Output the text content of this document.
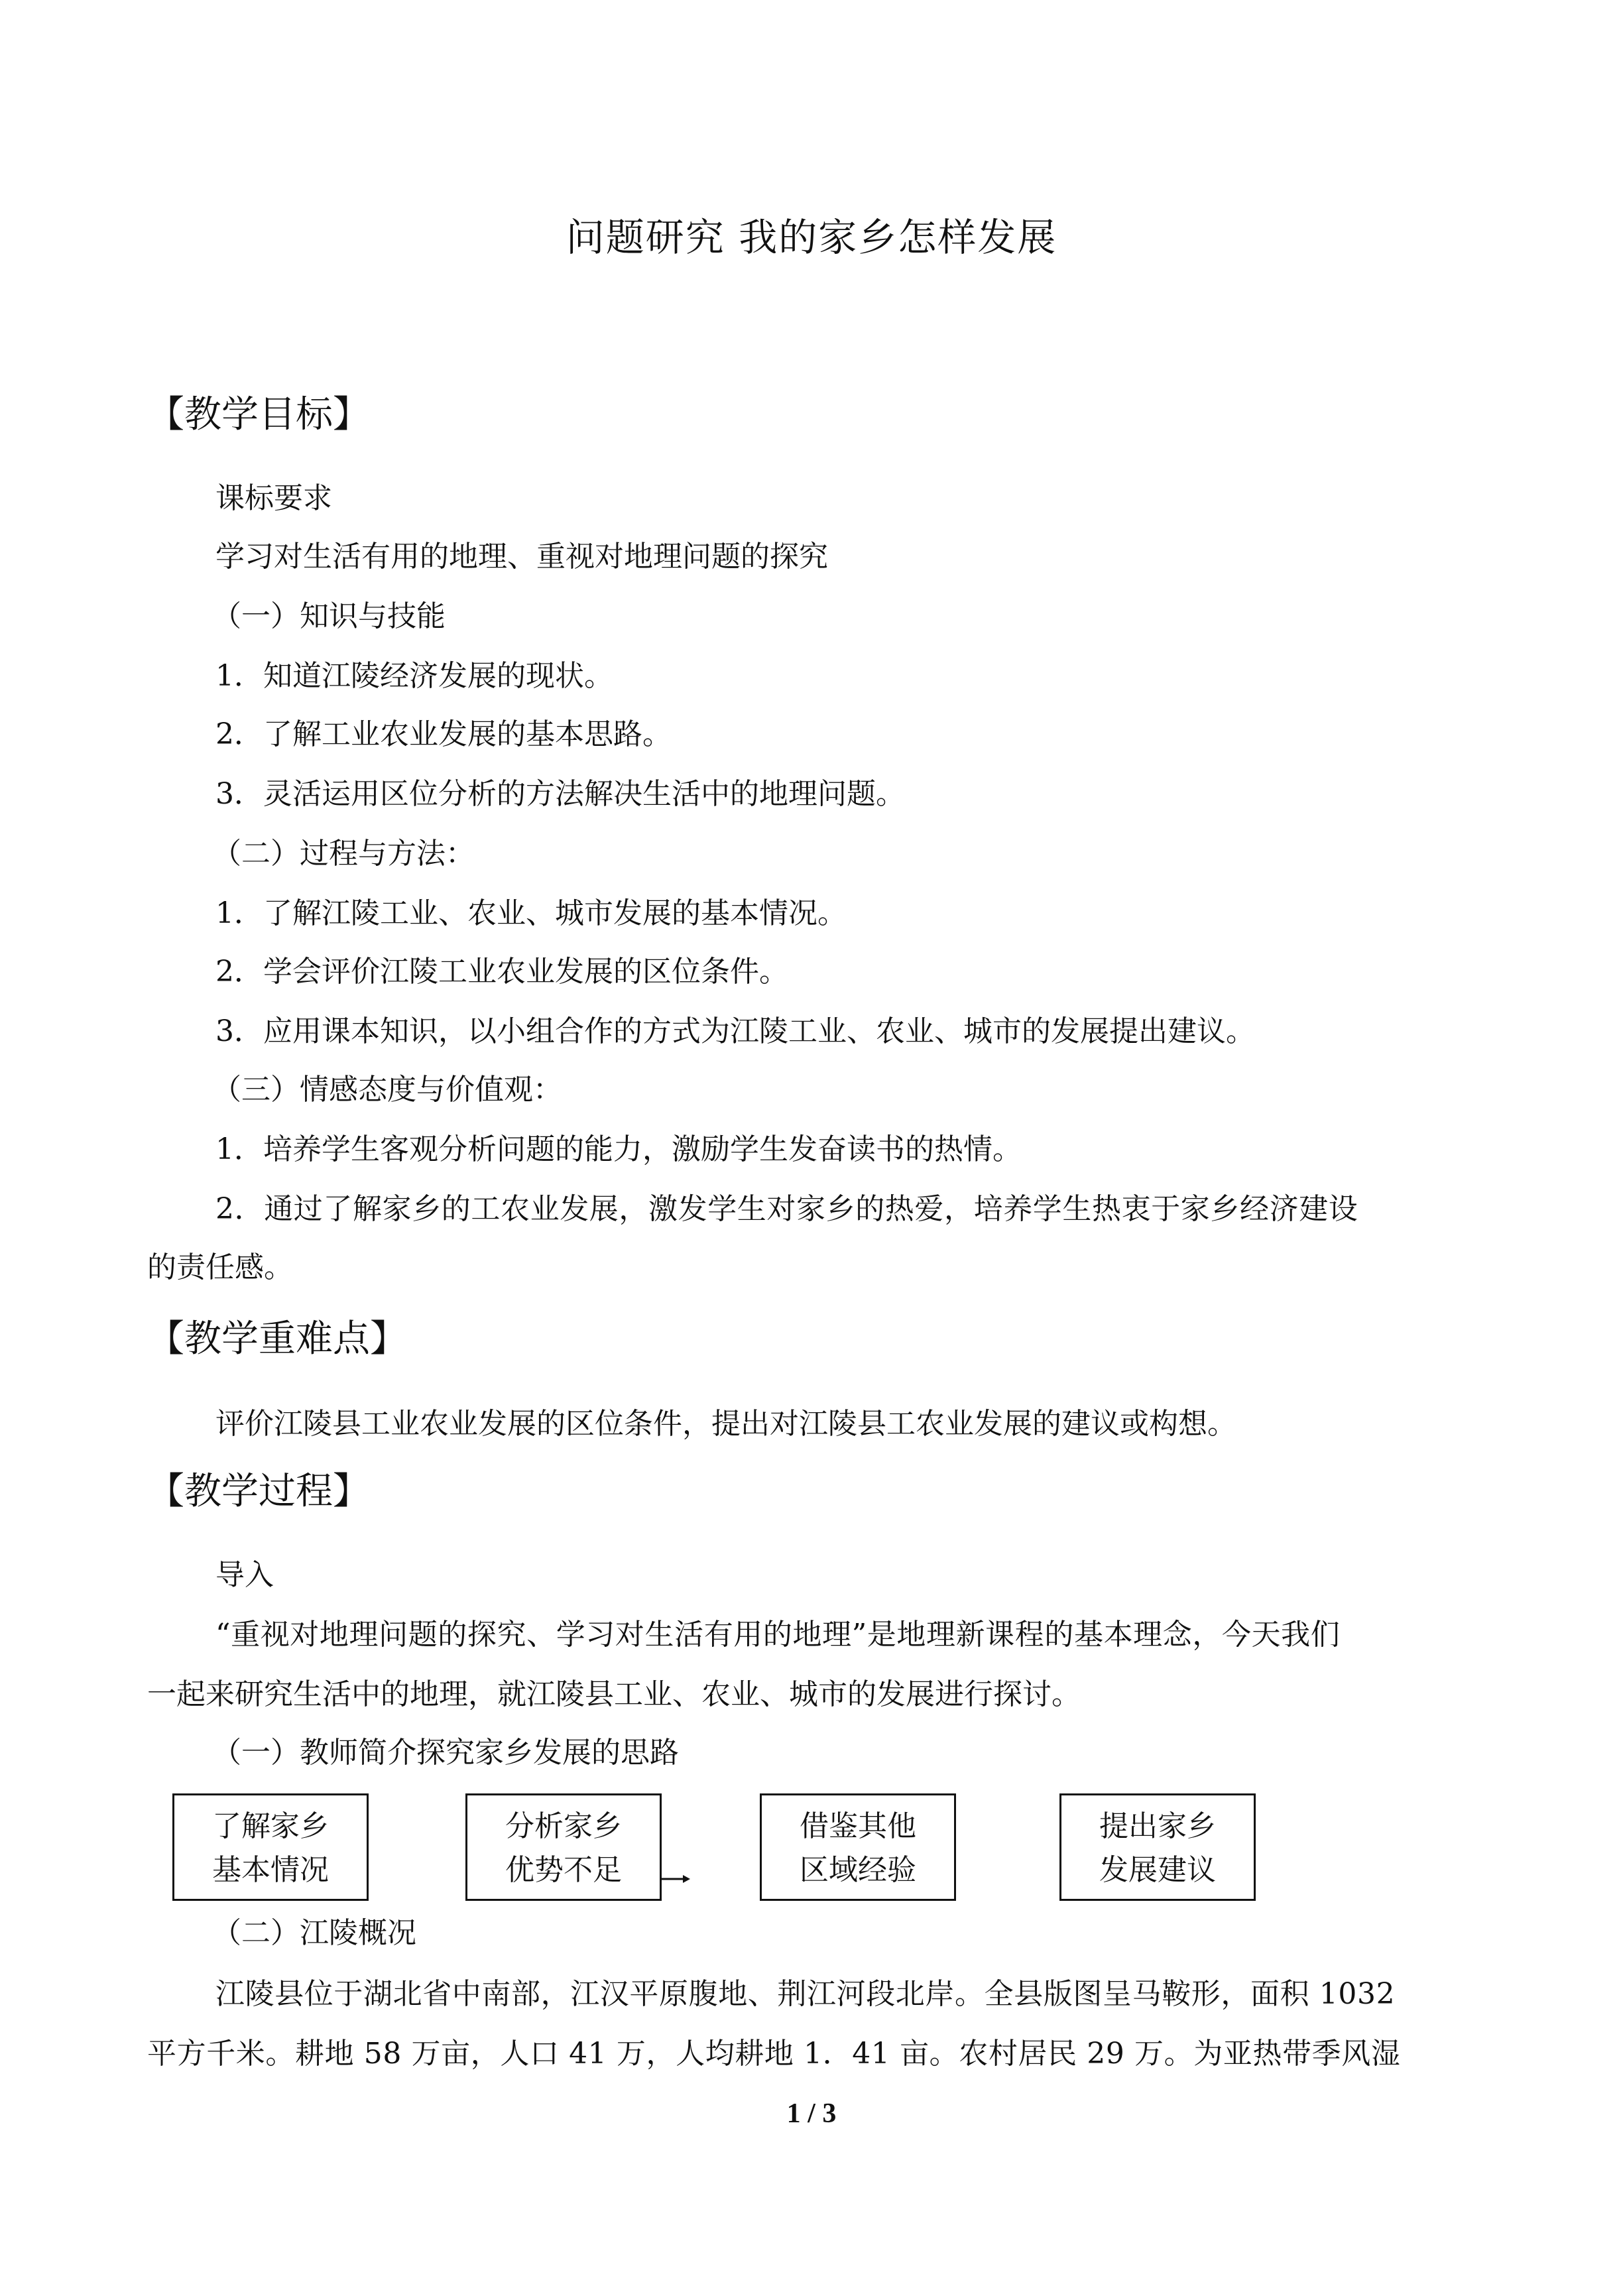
问题研究 我的家乡怎样发展
【教学目标】
课标要求
学习对生活有用的地理、重视对地理问题的探究
（一）知识与技能
1．知道江陵经济发展的现状。
2．了解工业农业发展的基本思路。
3．灵活运用区位分析的方法解决生活中的地理问题。
（二）过程与方法：
1．了解江陵工业、农业、城市发展的基本情况。
2．学会评价江陵工业农业发展的区位条件。
3．应用课本知识，以小组合作的方式为江陵工业、农业、城市的发展提出建议。
（三）情感态度与价值观：
1．培养学生客观分析问题的能力，激励学生发奋读书的热情。
2．通过了解家乡的工农业发展，激发学生对家乡的热爱，培养学生热衷于家乡经济建设
的责任感。
【教学重难点】
评价江陵县工业农业发展的区位条件，提出对江陵县工农业发展的建议或构想。
【教学过程】
导入
“重视对地理问题的探究、学习对生活有用的地理”是地理新课程的基本理念，今天我们
一起来研究生活中的地理，就江陵县工业、农业、城市的发展进行探讨。
（一）教师简介探究家乡发展的思路
了解家乡
基本情况
分析家乡
优势不足
借鉴其他
区域经验
提出家乡
发展建议
（二）江陵概况
江陵县位于湖北省中南部，江汉平原腹地、荆江河段北岸。全县版图呈马鞍形，面积 1032
平方千米。耕地 58 万亩，人口 41 万，人均耕地 1．41 亩。农村居民 29 万。为亚热带季风湿
1 / 3
